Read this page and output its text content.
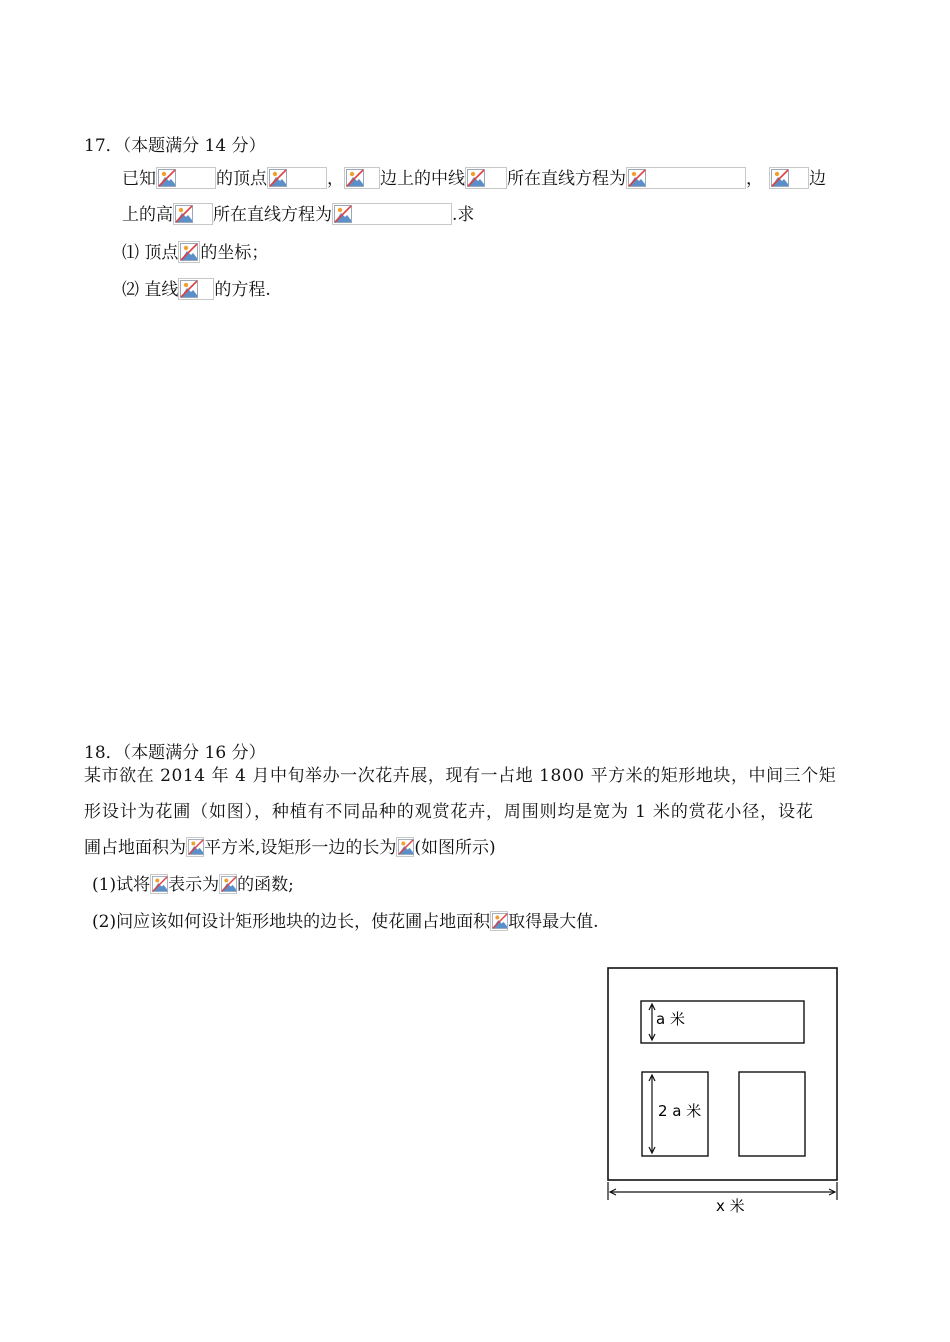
17．（本题满分 14 分）
已知	的顶点	， 边上的中线 所在直线方程为	，	边
上的高 所在直线方程为	.求
⑴ 顶点 的坐标；
⑵ 直线 的方程.
18．（本题满分 16 分）
某市欲在 2014 年 4 月中旬举办一次花卉展，现有一占地 1800 平方米的矩形地块，中间三个矩
形设计为花圃（如图），种植有不同品种的观赏花卉，周围则均是宽为 1 米的赏花小径，设花
圃占地面积为 平方米,设矩形一边的长为 (如图所示)
(1)试将 表示为 的函数;
(2)问应该如何设计矩形地块的边长，使花圃占地面积 取得最大值.
a 米
2 a 米
x 米
